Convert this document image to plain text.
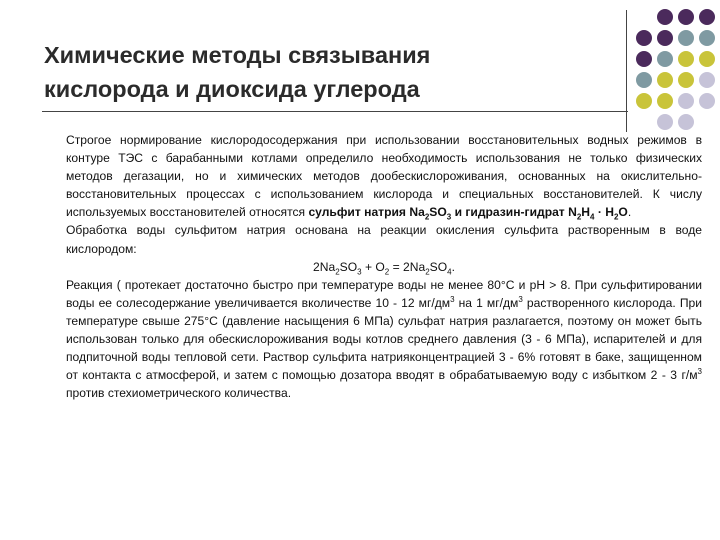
Химические методы связывания
кислорода и диоксида углерода

Строгое нормирование кислородосодержания при использовании восстановительных водных режимов в контуре ТЭС с барабанными котлами определило необходимость использования не только физических методов дегазации, но и химических методов дообескислороживания, основанных на окислительно-восстановительных процессах с использованием кислорода и специальных восстановителей. К числу используемых восстановителей относятся сульфит натрия $Na_2SO_3$ и гидразин-гидрат $N_2H_4 \cdot H_2O$.

Обработка воды сульфитом натрия основана на реакции окисления сульфита растворенным в воде кислородом:

$2Na_2SO_3 + O_2 = 2Na_2SO_4$.

Реакция ( протекает достаточно быстро при температуре воды не менее 80°С и рН > 8. При сульфитировании воды ее солесодержание увеличивается вколичестве 10 - 12 $мг/дм^3$ на 1 $мг/дм^3$ растворенного кислорода. При температуре свыше 275°С (давление насыщения 6 МПа) сульфат натрия разлагается, поэтому он может быть использован только для обескислороживания воды котлов среднего давления (3 - 6 МПа), испарителей и для подпиточной воды тепловой сети. Раствор сульфита натрияконцентрацией 3 - 6% готовят в баке, защищенном от контакта с атмосферой, и затем с помощью дозатора вводят в обрабатываемую воду с избытком 2 - 3 $г/м^3$ против стехиометрического количества.
